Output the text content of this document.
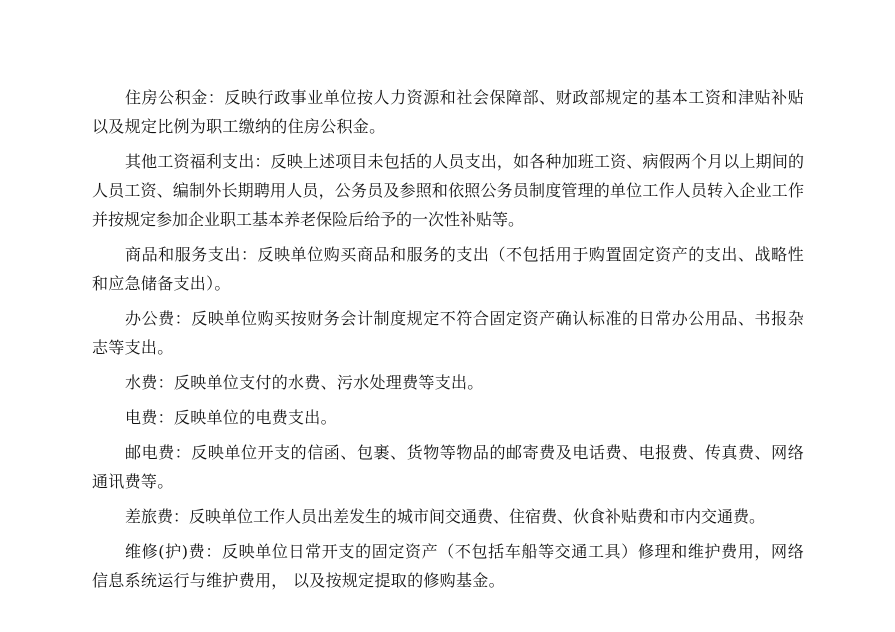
住房公积金：反映行政事业单位按人力资源和社会保障部、财政部规定的基本工资和津贴补贴以及规定比例为职工缴纳的住房公积金。

其他工资福利支出：反映上述项目未包括的人员支出，如各种加班工资、病假两个月以上期间的人员工资、编制外长期聘用人员，公务员及参照和依照公务员制度管理的单位工作人员转入企业工作并按规定参加企业职工基本养老保险后给予的一次性补贴等。

商品和服务支出：反映单位购买商品和服务的支出（不包括用于购置固定资产的支出、战略性和应急储备支出）。

办公费：反映单位购买按财务会计制度规定不符合固定资产确认标准的日常办公用品、书报杂志等支出。

水费：反映单位支付的水费、污水处理费等支出。

电费：反映单位的电费支出。

邮电费：反映单位开支的信函、包裹、货物等物品的邮寄费及电话费、电报费、传真费、网络通讯费等。

差旅费：反映单位工作人员出差发生的城市间交通费、住宿费、伙食补贴费和市内交通费。

维修(护)费：反映单位日常开支的固定资产（不包括车船等交通工具）修理和维护费用，网络信息系统运行与维护费用， 以及按规定提取的修购基金。
